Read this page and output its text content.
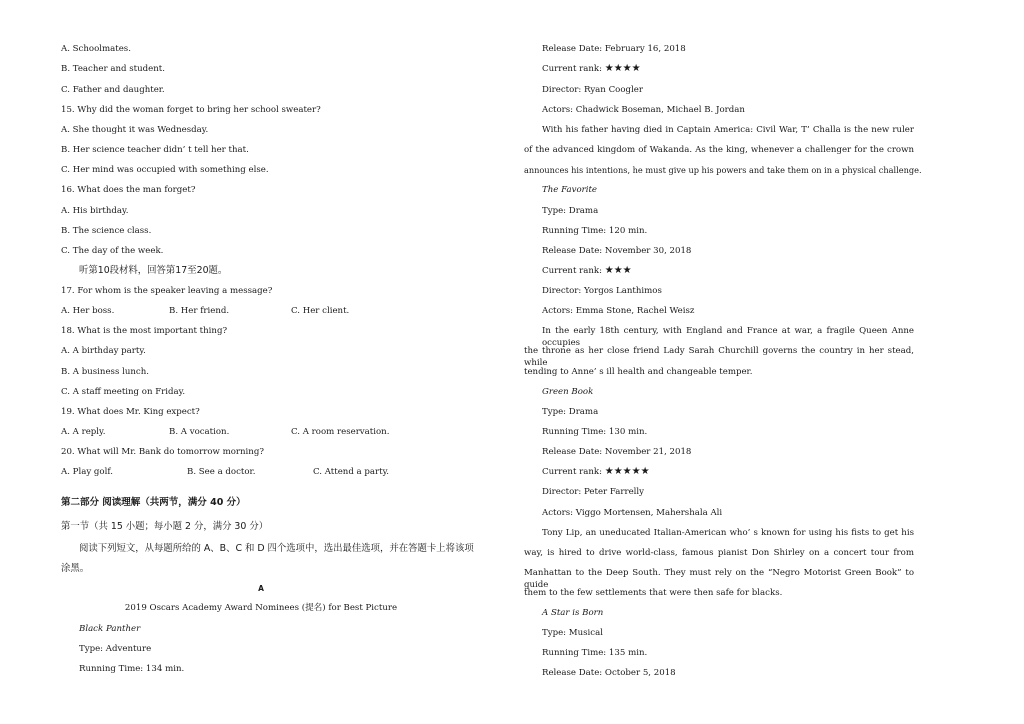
A. Schoolmates.
B. Teacher and student.
C. Father and daughter.
15. Why did the woman forget to bring her school sweater?
A. She thought it was Wednesday.
B. Her science teacher didn’ t tell her that.
C. Her mind was occupied with something else.
16. What does the man forget?
A. His birthday.
B. The science class.
C. The day of the week.
听第10段材料，回答第17至20题。
17. For whom is the speaker leaving a message?
A. Her boss.	B. Her friend.	C. Her client.
18. What is the most important thing?
A. A birthday party.
B. A business lunch.
C. A staff meeting on Friday.
19. What does Mr. King expect?
A. A reply.	B. A vocation.	C. A room reservation.
20. What will Mr. Bank do tomorrow morning?
A. Play golf.	B. See a doctor.	C. Attend a party.
第二部分 阅读理解（共两节，满分 40 分）
第一节（共 15 小题；每小题 2 分，满分 30 分）
阅读下列短文，从每题所给的 A、B、C 和 D 四个选项中，选出最佳选项，并在答题卡上将该项
涂黑。
A
2019 Oscars Academy Award Nominees (提名) for Best Picture
Black Panther
Type: Adventure
Running Time: 134 min.
Release Date: February 16, 2018
Current rank: ★★★★
Director: Ryan Coogler
Actors: Chadwick Boseman, Michael B. Jordan
With his father having died in Captain America: Civil War, T’ Challa is the new ruler
of the advanced kingdom of Wakanda. As the king, whenever a challenger for the crown
announces his intentions, he must give up his powers and take them on in a physical challenge.
The Favorite
Type: Drama
Running Time: 120 min.
Release Date: November 30, 2018
Current rank: ★★★
Director: Yorgos Lanthimos
Actors: Emma Stone, Rachel Weisz
In the early 18th century, with England and France at war, a fragile Queen Anne occupies
the throne as her close friend Lady Sarah Churchill governs the country in her stead, while
tending to Anne’ s ill health and changeable temper.
Green Book
Type: Drama
Running Time: 130 min.
Release Date: November 21, 2018
Current rank: ★★★★★
Director: Peter Farrelly
Actors: Viggo Mortensen, Mahershala Ali
Tony Lip, an uneducated Italian-American who’ s known for using his fists to get his
way, is hired to drive world-class, famous pianist Don Shirley on a concert tour from
Manhattan to the Deep South. They must rely on the “Negro Motorist Green Book” to guide
them to the few settlements that were then safe for blacks.
A Star is Born
Type: Musical
Running Time: 135 min.
Release Date: October 5, 2018
